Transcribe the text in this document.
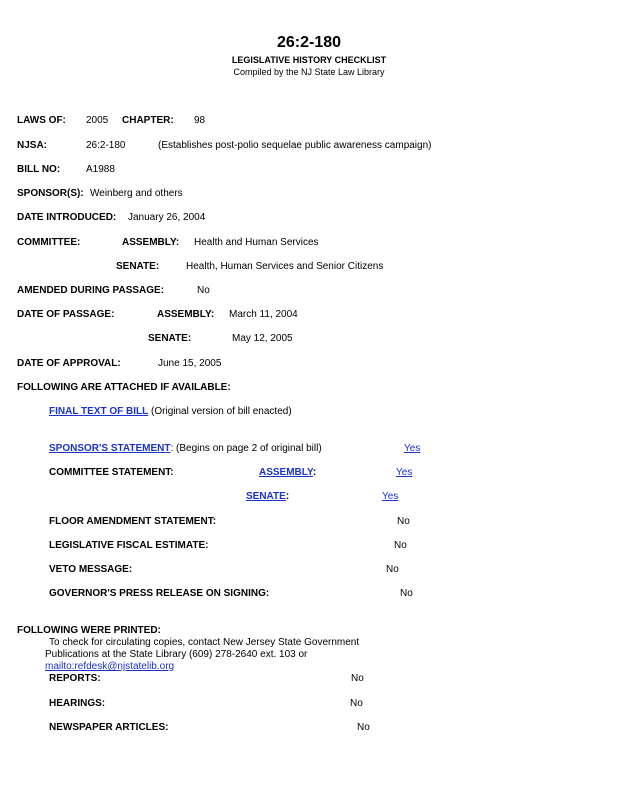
26:2-180
LEGISLATIVE HISTORY CHECKLIST
Compiled by the NJ State Law Library
LAWS OF: 2005 CHAPTER: 98
NJSA:	26:2-180	(Establishes post-polio sequelae public awareness campaign)
BILL NO:	A1988
SPONSOR(S): Weinberg and others
DATE INTRODUCED: January 26, 2004
COMMITTEE:	ASSEMBLY: Health and Human Services
SENATE:	Health, Human Services and Senior Citizens
AMENDED DURING PASSAGE:	No
DATE OF PASSAGE:	ASSEMBLY: March 11, 2004
SENATE:	May 12, 2005
DATE OF APPROVAL:	June 15, 2005
FOLLOWING ARE ATTACHED IF AVAILABLE:
FINAL TEXT OF BILL (Original version of bill enacted)
SPONSOR'S STATEMENT: (Begins on page 2 of original bill)	Yes
COMMITTEE STATEMENT:	ASSEMBLY:	Yes
SENATE:	Yes
FLOOR AMENDMENT STATEMENT:	No
LEGISLATIVE FISCAL ESTIMATE:	No
VETO MESSAGE:	No
GOVERNOR'S PRESS RELEASE ON SIGNING:	No
FOLLOWING WERE PRINTED:
To check for circulating copies, contact New Jersey State Government
Publications at the State Library (609) 278-2640 ext. 103 or
mailto:refdesk@njstatelib.org
REPORTS:	No
HEARINGS:	No
NEWSPAPER ARTICLES:	No
